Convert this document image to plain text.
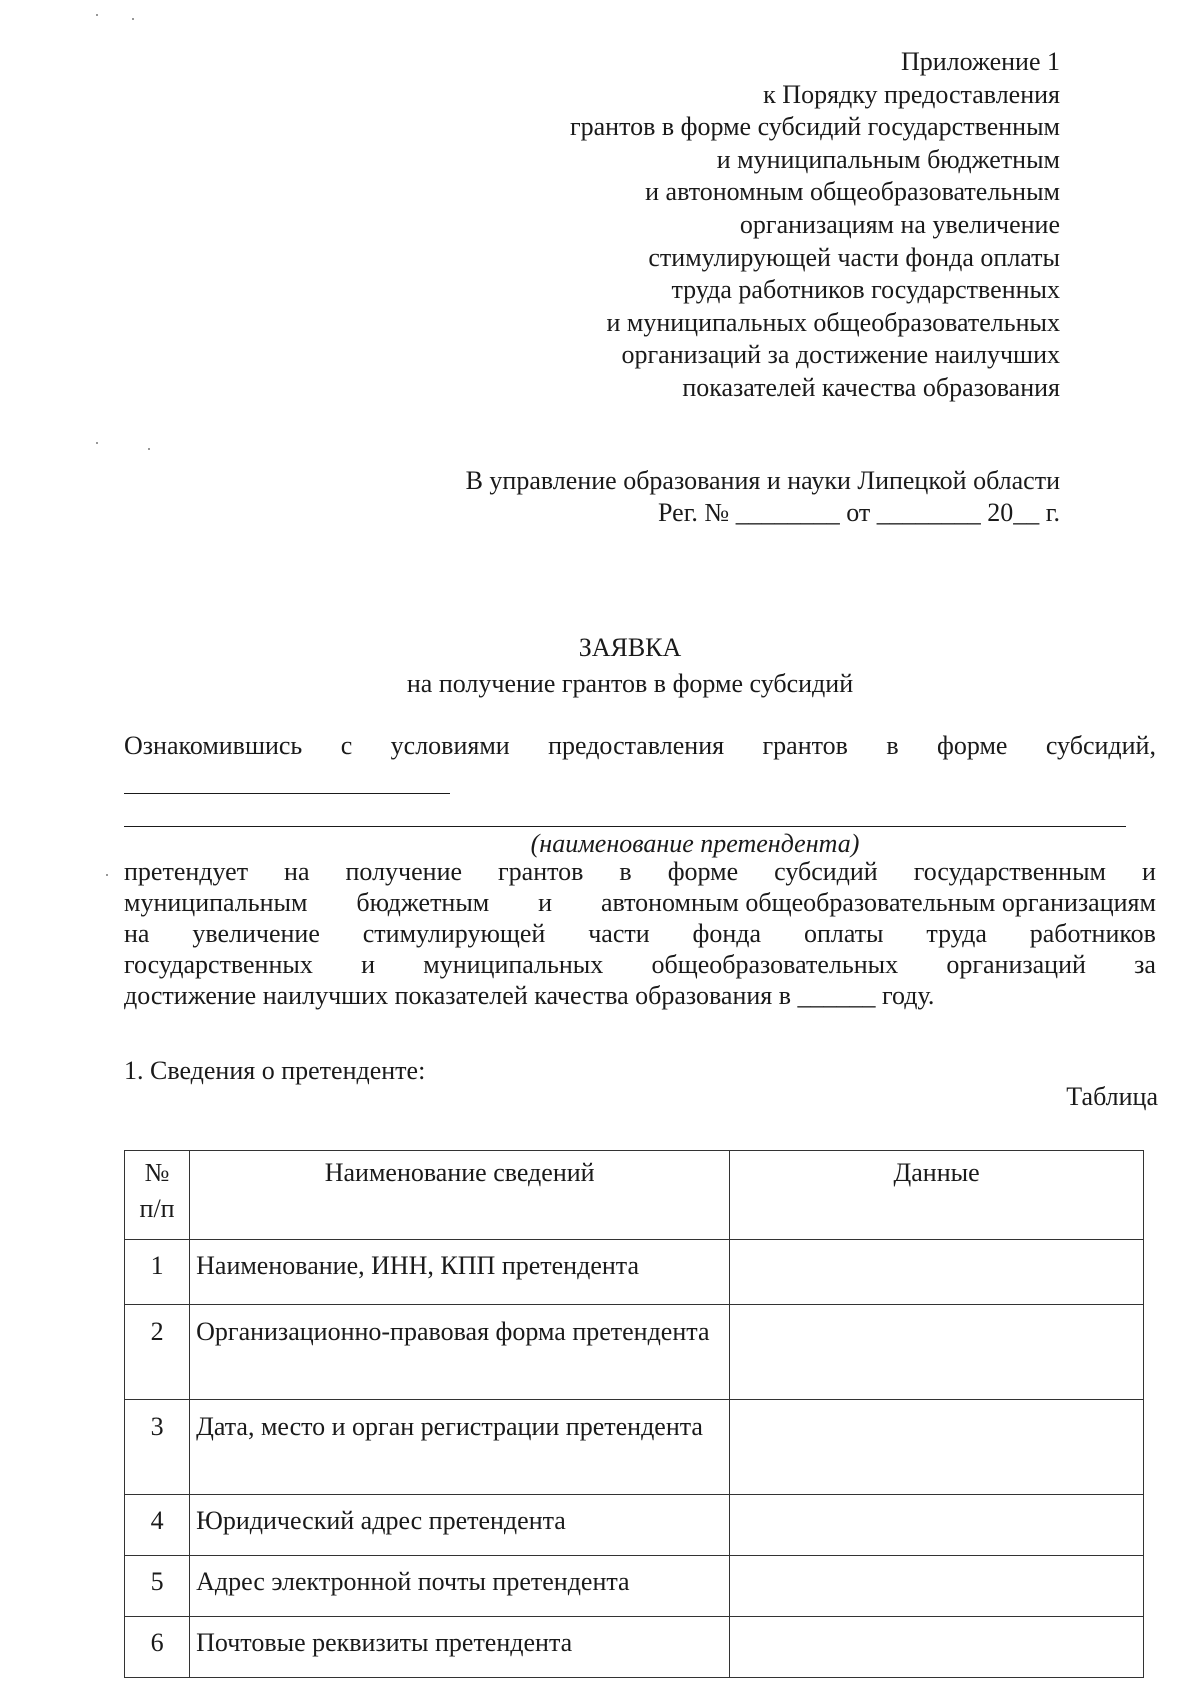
Приложение 1
к Порядку предоставления
грантов в форме субсидий государственным
и муниципальным бюджетным
и автономным общеобразовательным
организациям на увеличение
стимулирующей части фонда оплаты
труда работников государственных
и муниципальных общеобразовательных
организаций за достижение наилучших
показателей качества образования
В управление образования и науки Липецкой области
Рег. № ________ от ________ 20__ г.
ЗАЯВКА
на получение грантов в форме субсидий
Ознакомившись с условиями предоставления грантов в форме субсидий,
(наименование претендента)
претендует на получение грантов в форме субсидий государственным и
муниципальным бюджетным и автономным общеобразовательным организациям
на увеличение стимулирующей части фонда оплаты труда работников
государственных и муниципальных общеобразовательных организаций за
достижение наилучших показателей качества образования в ______ году.
1. Сведения о претенденте:
Таблица
№
п/п	Наименование сведений	Данные
1	Наименование, ИНН, КПП претендента	
2	Организационно-правовая форма претендента	
3	Дата, место и орган регистрации претендента	
4	Юридический адрес претендента	
5	Адрес электронной почты претендента	
6	Почтовые реквизиты претендента	
